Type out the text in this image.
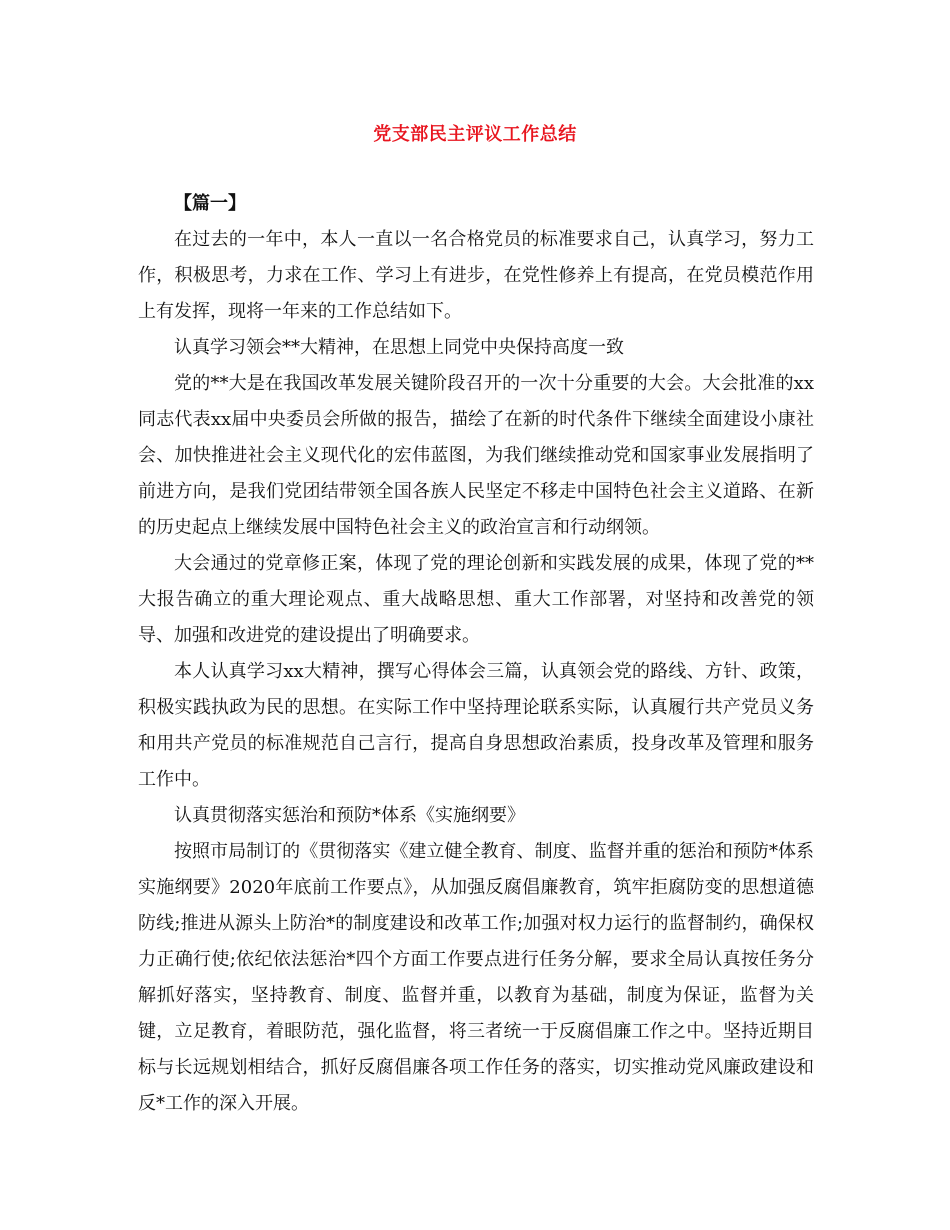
党支部民主评议工作总结

【篇一】

在过去的一年中，本人一直以一名合格党员的标准要求自己，认真学习，努力工作，积极思考，力求在工作、学习上有进步，在党性修养上有提高，在党员模范作用上有发挥，现将一年来的工作总结如下。

认真学习领会**大精神，在思想上同党中央保持高度一致

党的**大是在我国改革发展关键阶段召开的一次十分重要的大会。大会批准的xx同志代表xx届中央委员会所做的报告，描绘了在新的时代条件下继续全面建设小康社会、加快推进社会主义现代化的宏伟蓝图，为我们继续推动党和国家事业发展指明了前进方向，是我们党团结带领全国各族人民坚定不移走中国特色社会主义道路、在新的历史起点上继续发展中国特色社会主义的政治宣言和行动纲领。

大会通过的党章修正案，体现了党的理论创新和实践发展的成果，体现了党的**大报告确立的重大理论观点、重大战略思想、重大工作部署，对坚持和改善党的领导、加强和改进党的建设提出了明确要求。

本人认真学习xx大精神，撰写心得体会三篇，认真领会党的路线、方针、政策，积极实践执政为民的思想。在实际工作中坚持理论联系实际，认真履行共产党员义务和用共产党员的标准规范自己言行，提高自身思想政治素质，投身改革及管理和服务工作中。

认真贯彻落实惩治和预防*体系《实施纲要》

按照市局制订的《贯彻落实《建立健全教育、制度、监督并重的惩治和预防*体系实施纲要》2020年底前工作要点》，从加强反腐倡廉教育，筑牢拒腐防变的思想道德防线;推进从源头上防治*的制度建设和改革工作;加强对权力运行的监督制约，确保权力正确行使;依纪依法惩治*四个方面工作要点进行任务分解，要求全局认真按任务分解抓好落实，坚持教育、制度、监督并重，以教育为基础，制度为保证，监督为关键，立足教育，着眼防范，强化监督，将三者统一于反腐倡廉工作之中。坚持近期目标与长远规划相结合，抓好反腐倡廉各项工作任务的落实，切实推动党风廉政建设和反*工作的深入开展。
